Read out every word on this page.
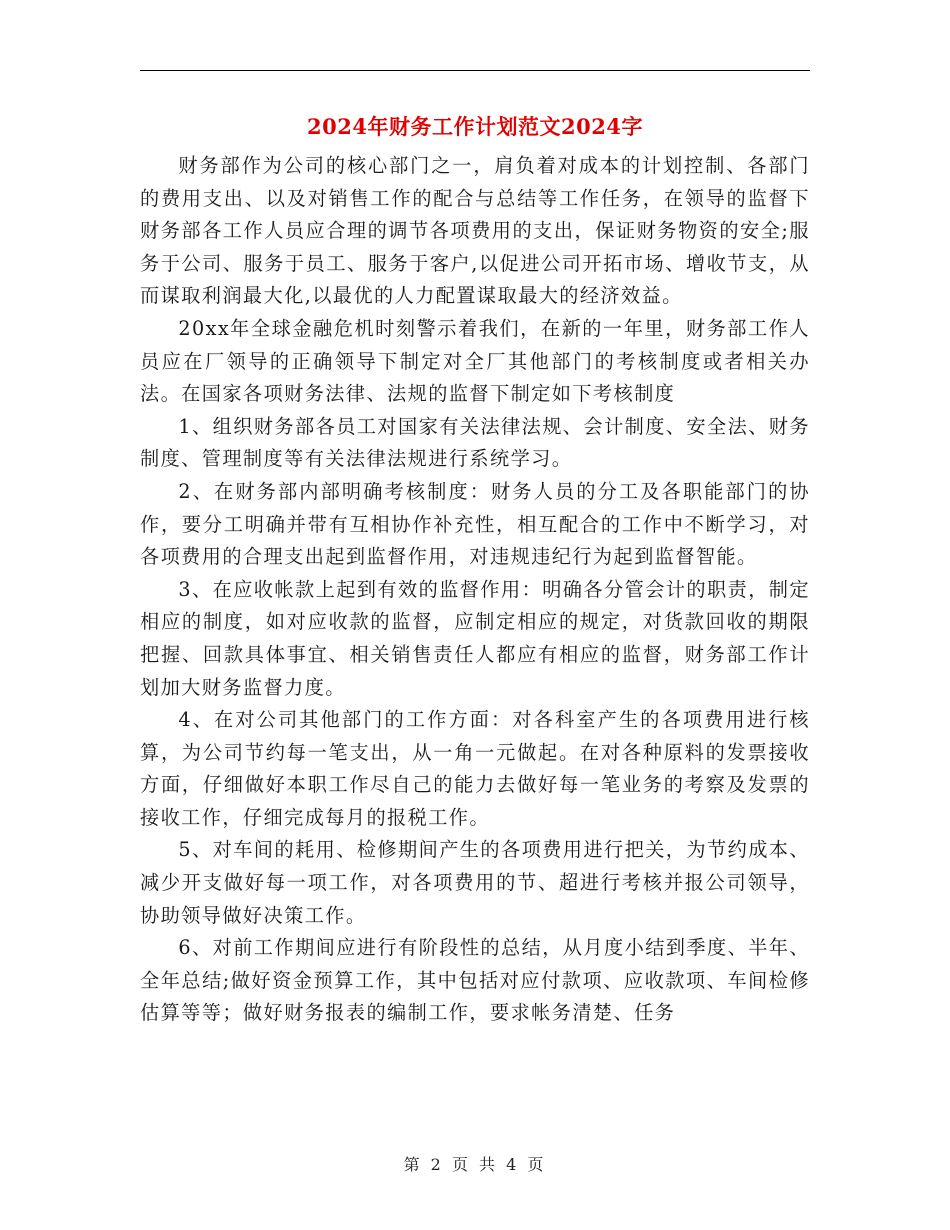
2024年财务工作计划范文2024字

财务部作为公司的核心部门之一，肩负着对成本的计划控制、各部门的费用支出、以及对销售工作的配合与总结等工作任务，在领导的监督下财务部各工作人员应合理的调节各项费用的支出，保证财务物资的安全;服务于公司、服务于员工、服务于客户,以促进公司开拓市场、增收节支，从而谋取利润最大化,以最优的人力配置谋取最大的经济效益。

20xx年全球金融危机时刻警示着我们，在新的一年里，财务部工作人员应在厂领导的正确领导下制定对全厂其他部门的考核制度或者相关办法。在国家各项财务法律、法规的监督下制定如下考核制度

1、组织财务部各员工对国家有关法律法规、会计制度、安全法、财务制度、管理制度等有关法律法规进行系统学习。

2、在财务部内部明确考核制度：财务人员的分工及各职能部门的协作，要分工明确并带有互相协作补充性，相互配合的工作中不断学习，对各项费用的合理支出起到监督作用，对违规违纪行为起到监督智能。

3、在应收帐款上起到有效的监督作用：明确各分管会计的职责，制定相应的制度，如对应收款的监督，应制定相应的规定，对货款回收的期限把握、回款具体事宜、相关销售责任人都应有相应的监督，财务部工作计划加大财务监督力度。

4、在对公司其他部门的工作方面：对各科室产生的各项费用进行核算，为公司节约每一笔支出，从一角一元做起。在对各种原料的发票接收方面，仔细做好本职工作尽自己的能力去做好每一笔业务的考察及发票的接收工作，仔细完成每月的报税工作。

5、对车间的耗用、检修期间产生的各项费用进行把关，为节约成本、减少开支做好每一项工作，对各项费用的节、超进行考核并报公司领导，协助领导做好决策工作。

6、对前工作期间应进行有阶段性的总结，从月度小结到季度、半年、全年总结;做好资金预算工作，其中包括对应付款项、应收款项、车间检修估算等等；做好财务报表的编制工作，要求帐务清楚、任务

第 2 页 共 4 页
